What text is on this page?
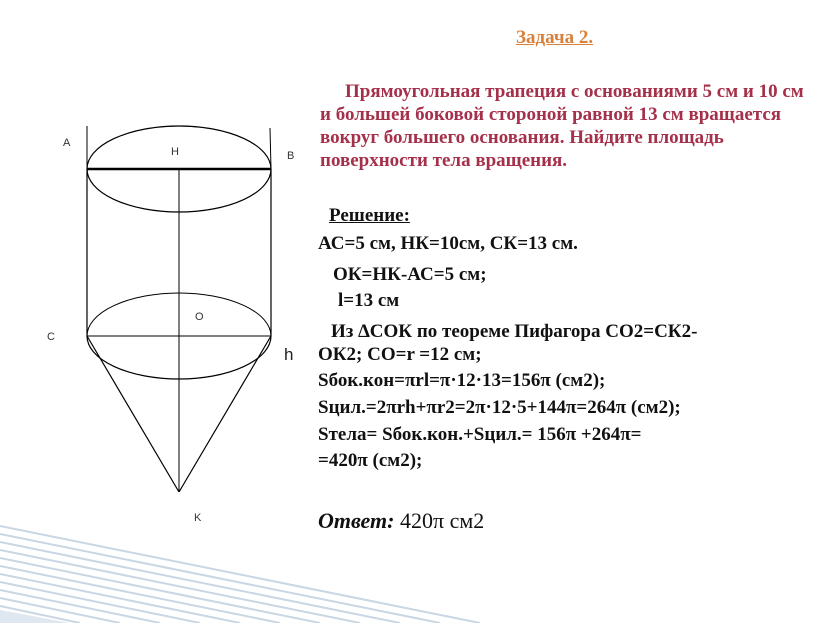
A
H	B
O
C
h
K
Задача 2.
Прямоугольная трапеция с основаниями 5 см и 10 см и большей боковой стороной равной 13 см вращается вокруг большего основания. Найдите площадь поверхности тела вращения.
Решение:
АС=5 см, НК=10см, СК=13 см.
ОК=НК-АС=5 см;
l=13 см
Из ∆СОК по теореме Пифагора СО2=СК2-
ОК2; СО=r =12 см;
Sбок.кон=πrl=π·12·13=156π (см2);
Sцил.=2πrh+πr2=2π·12·5+144π=264π (см2);
Sтела= Sбок.кон.+Sцил.= 156π +264π=
=420π (см2);
Ответ: 420π см2
